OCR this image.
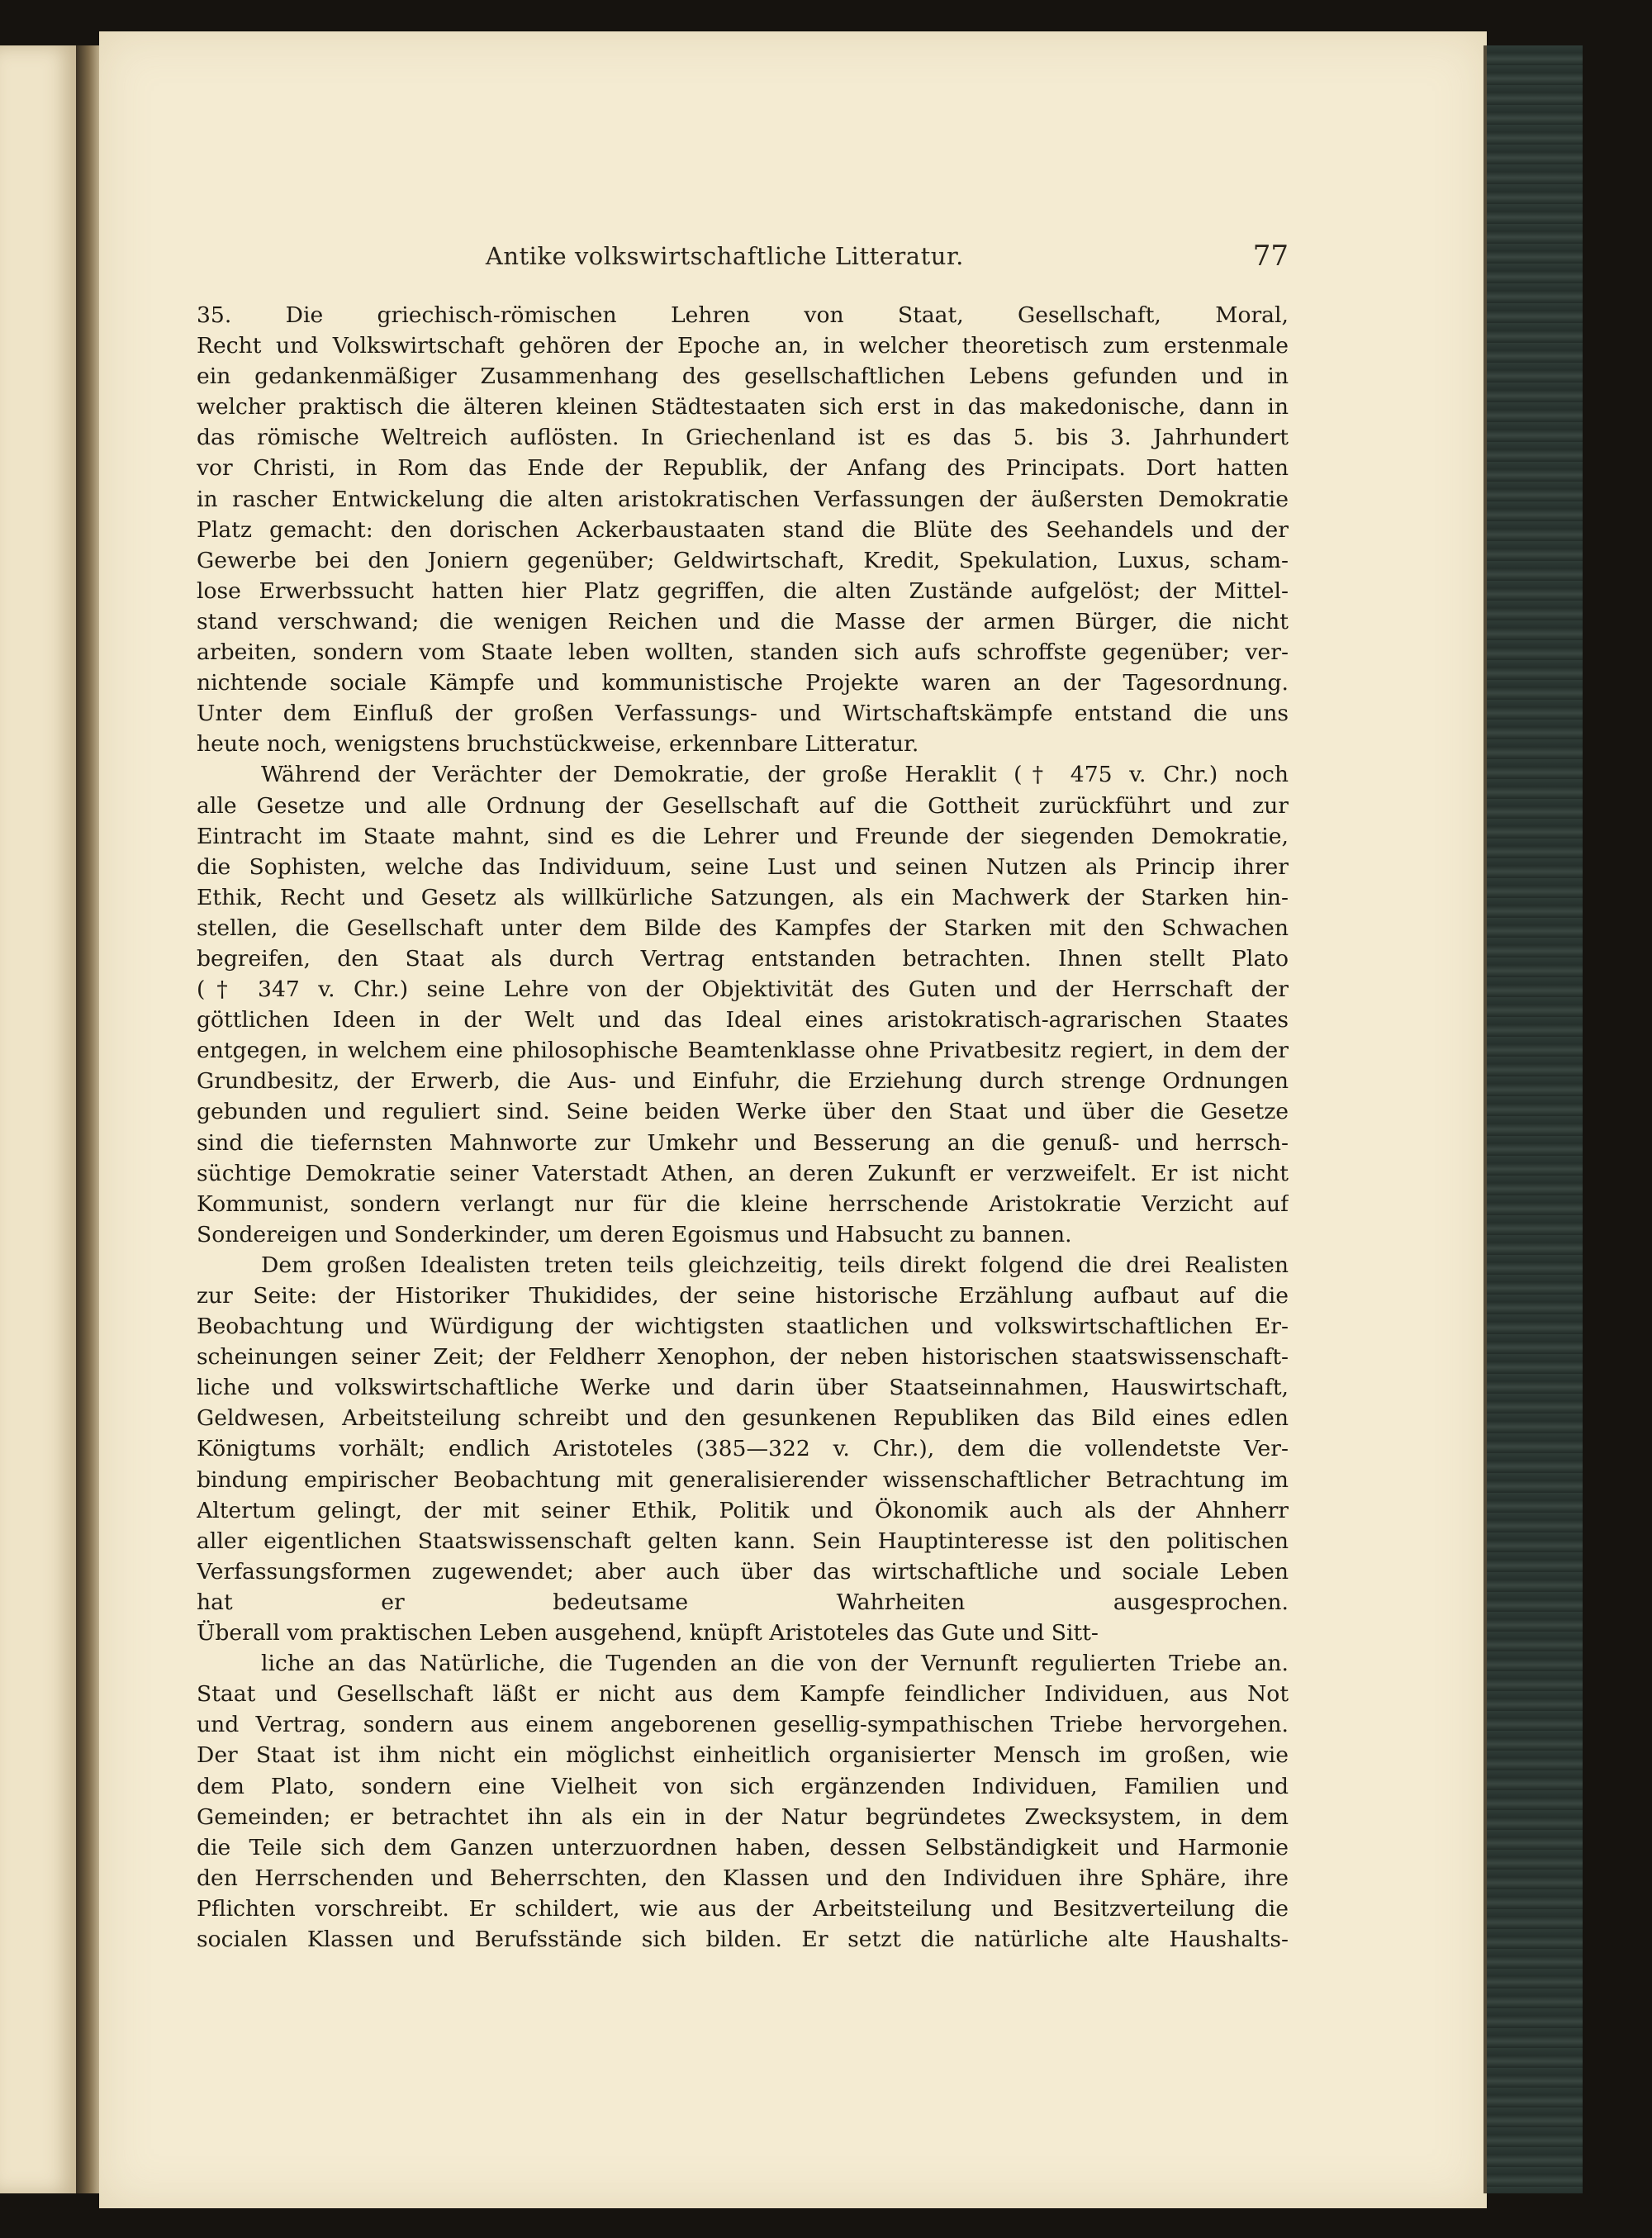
Antike volkswirtschaftliche Litteratur.	77
35. Die griechisch-römischen Lehren von Staat, Gesellschaft, Moral,
Recht und Volkswirtschaft gehören der Epoche an, in welcher theoretisch zum erstenmale
ein gedankenmäßiger Zusammenhang des gesellschaftlichen Lebens gefunden und in
welcher praktisch die älteren kleinen Städtestaaten sich erst in das makedonische, dann in
das römische Weltreich auflösten. In Griechenland ist es das 5. bis 3. Jahrhundert
vor Christi, in Rom das Ende der Republik, der Anfang des Principats. Dort hatten
in rascher Entwickelung die alten aristokratischen Verfassungen der äußersten Demokratie
Platz gemacht: den dorischen Ackerbaustaaten stand die Blüte des Seehandels und der
Gewerbe bei den Joniern gegenüber; Geldwirtschaft, Kredit, Spekulation, Luxus, scham-
lose Erwerbssucht hatten hier Platz gegriffen, die alten Zustände aufgelöst; der Mittel-
stand verschwand; die wenigen Reichen und die Masse der armen Bürger, die nicht
arbeiten, sondern vom Staate leben wollten, standen sich aufs schroffste gegenüber; ver-
nichtende sociale Kämpfe und kommunistische Projekte waren an der Tagesordnung.
Unter dem Einfluß der großen Verfassungs- und Wirtschaftskämpfe entstand die uns
heute noch, wenigstens bruchstückweise, erkennbare Litteratur.
Während der Verächter der Demokratie, der große Heraklit († 475 v. Chr.) noch
alle Gesetze und alle Ordnung der Gesellschaft auf die Gottheit zurückführt und zur
Eintracht im Staate mahnt, sind es die Lehrer und Freunde der siegenden Demokratie,
die Sophisten, welche das Individuum, seine Lust und seinen Nutzen als Princip ihrer
Ethik, Recht und Gesetz als willkürliche Satzungen, als ein Machwerk der Starken hin-
stellen, die Gesellschaft unter dem Bilde des Kampfes der Starken mit den Schwachen
begreifen, den Staat als durch Vertrag entstanden betrachten. Ihnen stellt Plato
(† 347 v. Chr.) seine Lehre von der Objektivität des Guten und der Herrschaft der
göttlichen Ideen in der Welt und das Ideal eines aristokratisch-agrarischen Staates
entgegen, in welchem eine philosophische Beamtenklasse ohne Privatbesitz regiert, in dem der
Grundbesitz, der Erwerb, die Aus- und Einfuhr, die Erziehung durch strenge Ordnungen
gebunden und reguliert sind. Seine beiden Werke über den Staat und über die Gesetze
sind die tiefernsten Mahnworte zur Umkehr und Besserung an die genuß- und herrsch-
süchtige Demokratie seiner Vaterstadt Athen, an deren Zukunft er verzweifelt. Er ist nicht
Kommunist, sondern verlangt nur für die kleine herrschende Aristokratie Verzicht auf
Sondereigen und Sonderkinder, um deren Egoismus und Habsucht zu bannen.
Dem großen Idealisten treten teils gleichzeitig, teils direkt folgend die drei Realisten
zur Seite: der Historiker Thukidides, der seine historische Erzählung aufbaut auf die
Beobachtung und Würdigung der wichtigsten staatlichen und volkswirtschaftlichen Er-
scheinungen seiner Zeit; der Feldherr Xenophon, der neben historischen staatswissenschaft-
liche und volkswirtschaftliche Werke und darin über Staatseinnahmen, Hauswirtschaft,
Geldwesen, Arbeitsteilung schreibt und den gesunkenen Republiken das Bild eines edlen
Königtums vorhält; endlich Aristoteles (385—322 v. Chr.), dem die vollendetste Ver-
bindung empirischer Beobachtung mit generalisierender wissenschaftlicher Betrachtung im
Altertum gelingt, der mit seiner Ethik, Politik und Ökonomik auch als der Ahnherr
aller eigentlichen Staatswissenschaft gelten kann. Sein Hauptinteresse ist den politischen
Verfassungsformen zugewendet; aber auch über das wirtschaftliche und sociale Leben
hat er bedeutsame Wahrheiten ausgesprochen.
Überall vom praktischen Leben ausgehend, knüpft Aristoteles das Gute und Sitt-
liche an das Natürliche, die Tugenden an die von der Vernunft regulierten Triebe an.
Staat und Gesellschaft läßt er nicht aus dem Kampfe feindlicher Individuen, aus Not
und Vertrag, sondern aus einem angeborenen gesellig-sympathischen Triebe hervorgehen.
Der Staat ist ihm nicht ein möglichst einheitlich organisierter Mensch im großen, wie
dem Plato, sondern eine Vielheit von sich ergänzenden Individuen, Familien und
Gemeinden; er betrachtet ihn als ein in der Natur begründetes Zwecksystem, in dem
die Teile sich dem Ganzen unterzuordnen haben, dessen Selbständigkeit und Harmonie
den Herrschenden und Beherrschten, den Klassen und den Individuen ihre Sphäre, ihre
Pflichten vorschreibt. Er schildert, wie aus der Arbeitsteilung und Besitzverteilung die
socialen Klassen und Berufsstände sich bilden. Er setzt die natürliche alte Haushalts-
